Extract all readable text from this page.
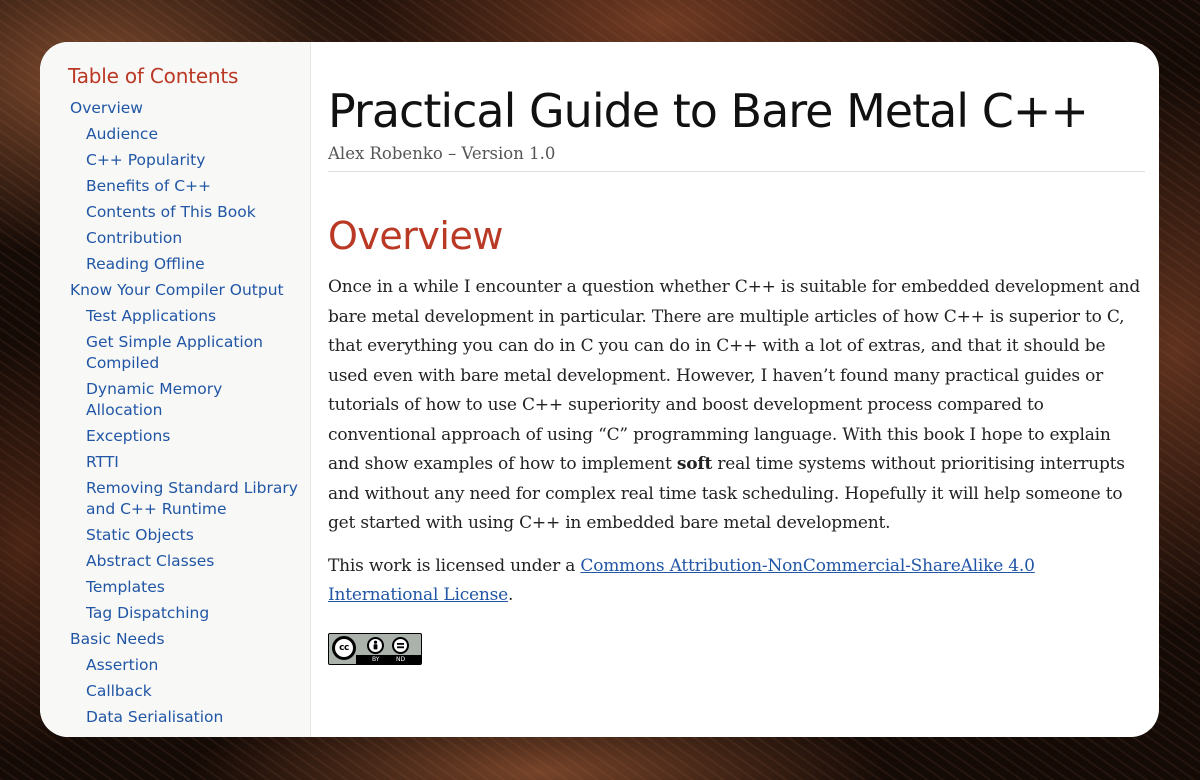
Table of Contents
Overview
Audience
C++ Popularity
Benefits of C++
Contents of This Book
Contribution
Reading Offline
Know Your Compiler Output
Test Applications
Get Simple Application Compiled
Dynamic Memory Allocation
Exceptions
RTTI
Removing Standard Library and C++ Runtime
Static Objects
Abstract Classes
Templates
Tag Dispatching
Basic Needs
Assertion
Callback
Data Serialisation
Practical Guide to Bare Metal C++
Alex Robenko – Version 1.0
Overview

Once in a while I encounter a question whether C++ is suitable for embedded development and bare metal development in particular. There are multiple articles of how C++ is superior to C, that everything you can do in C you can do in C++ with a lot of extras, and that it should be used even with bare metal development. However, I haven’t found many practical guides or tutorials of how to use C++ superiority and boost development process compared to conventional approach of using “C” programming language. With this book I hope to explain and show examples of how to implement soft real time systems without prioritising interrupts and without any need for complex real time task scheduling. Hopefully it will help someone to get started with using C++ in embedded bare metal development.

This work is licensed under a Commons Attribution-NonCommercial-ShareAlike 4.0 International License.

cc
BY	ND
